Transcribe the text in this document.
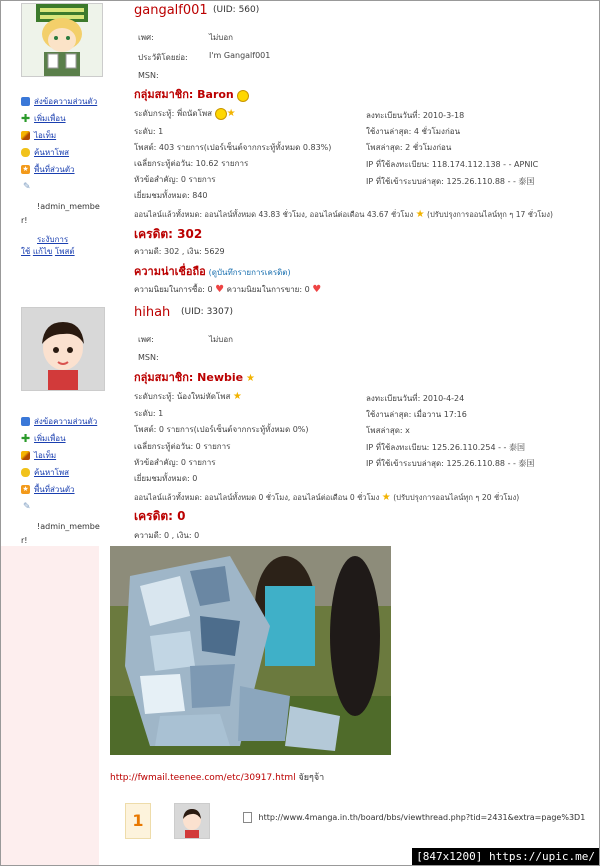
ส่งข้อความส่วนตัว
✚ เพิ่มเพื่อน
ไอเท็ม
ค้นหาโพส
★ พื้นที่ส่วนตัว
✎
!admin_membe
r!
ระงับการ
ใช้ แก้ไข โพสต์
gangalf001 (UID: 560)
เพศ:	ไม่บอก
ประวัติโดยย่อ:	I'm Gangalf001
MSN:
กลุ่มสมาชิก: Baron
ระดับกระทู้: พี่ถนัดโพส ★
ระดับ: 1
โพสต์: 403 รายการ(เปอร์เซ็นต์จากกระทู้ทั้งหมด 0.83%)
เฉลี่ยกระทู้ต่อวัน: 10.62 รายการ
หัวข้อสำคัญ: 0 รายการ
เยี่ยมชมทั้งหมด: 840
ลงทะเบียนวันที่: 2010-3-18
ใช้งานล่าสุด: 4 ชั่วโมงก่อน
โพสล่าสุด: 2 ชั่วโมงก่อน
IP ที่ใช้ลงทะเบียน: 118.174.112.138 - - APNIC
IP ที่ใช้เข้าระบบล่าสุด: 125.26.110.88 - - 泰国
ออนไลน์แล้วทั้งหมด: ออนไลน์ทั้งหมด 43.83 ชั่วโมง, ออนไลน์ต่อเดือน 43.67 ชั่วโมง ★ (ปรับปรุงการออนไลน์ทุก ๆ 17 ชั่วโมง)
เครดิต: 302
ความดี: 302 , เงิน: 5629
ความน่าเชื่อถือ (ดูบันทึกรายการเครดิต)
ความนิยมในการซื้อ: 0 ♥ ความนิยมในการขาย: 0 ♥
ส่งข้อความส่วนตัว
✚ เพิ่มเพื่อน
ไอเท็ม
ค้นหาโพส
★ พื้นที่ส่วนตัว
✎
!admin_membe
r!
hihah (UID: 3307)
เพศ:	ไม่บอก
MSN:
กลุ่มสมาชิก: Newbie ★
ระดับกระทู้: น้องใหม่หัดโพส ★
ระดับ: 1
โพสต์: 0 รายการ(เปอร์เซ็นต์จากกระทู้ทั้งหมด 0%)
เฉลี่ยกระทู้ต่อวัน: 0 รายการ
หัวข้อสำคัญ: 0 รายการ
เยี่ยมชมทั้งหมด: 0
ลงทะเบียนวันที่: 2010-4-24
ใช้งานล่าสุด: เมื่อวาน 17:16
โพสล่าสุด: x
IP ที่ใช้ลงทะเบียน: 125.26.110.254 - - 泰国
IP ที่ใช้เข้าระบบล่าสุด: 125.26.110.88 - - 泰国
ออนไลน์แล้วทั้งหมด: ออนไลน์ทั้งหมด 0 ชั่วโมง, ออนไลน์ต่อเดือน 0 ชั่วโมง ★ (ปรับปรุงการออนไลน์ทุก ๆ 20 ชั่วโมง)
เครดิต: 0
ความดี: 0 , เงิน: 0
http://fwmail.teenee.com/etc/30917.html จัยๆจ้า
1	http://www.4manga.in.th/board/bbs/viewthread.php?tid=2431&extra=page%3D1
[847x1200] https://upic.me/
